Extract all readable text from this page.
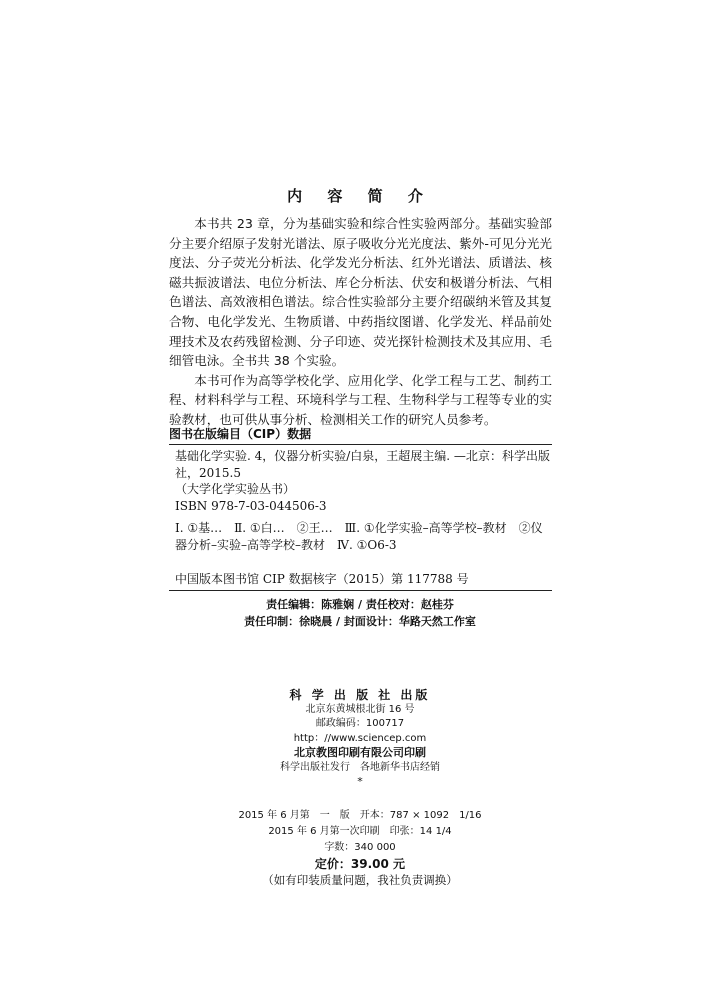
内 容 简 介

本书共 23 章，分为基础实验和综合性实验两部分。基础实验部分主要介绍原子发射光谱法、原子吸收分光光度法、紫外-可见分光光度法、分子荧光分析法、化学发光分析法、红外光谱法、质谱法、核磁共振波谱法、电位分析法、库仑分析法、伏安和极谱分析法、气相色谱法、高效液相色谱法。综合性实验部分主要介绍碳纳米管及其复合物、电化学发光、生物质谱、中药指纹图谱、化学发光、样品前处理技术及农药残留检测、分子印迹、荧光探针检测技术及其应用、毛细管电泳。全书共 38 个实验。

本书可作为高等学校化学、应用化学、化学工程与工艺、制药工程、材料科学与工程、环境科学与工程、生物科学与工程等专业的实验教材，也可供从事分析、检测相关工作的研究人员参考。

图书在版编目（CIP）数据
基础化学实验. 4，仪器分析实验/白泉，王超展主编. —北京：科学出版社，2015.5
（大学化学实验丛书）
ISBN 978-7-03-044506-3
Ⅰ. ①基…　Ⅱ. ①白…　②王…　Ⅲ. ①化学实验–高等学校–教材　②仪器分析–实验–高等学校–教材　Ⅳ. ①O6-3
中国版本图书馆 CIP 数据核字（2015）第 117788 号
责任编辑：陈雅娴 / 责任校对：赵桂芬
责任印制：徐晓晨 / 封面设计：华路天然工作室
科 学 出 版 社 出版
北京东黄城根北街 16 号
邮政编码：100717
http：//www.sciencep.com
北京教图印刷有限公司印刷
科学出版社发行　各地新华书店经销
*
2015 年 6 月第　一　版　开本：787 × 1092　1/16
2015 年 6 月第一次印刷　印张：14 1/4
字数：340 000
定价：39.00 元
（如有印装质量问题，我社负责调换）
